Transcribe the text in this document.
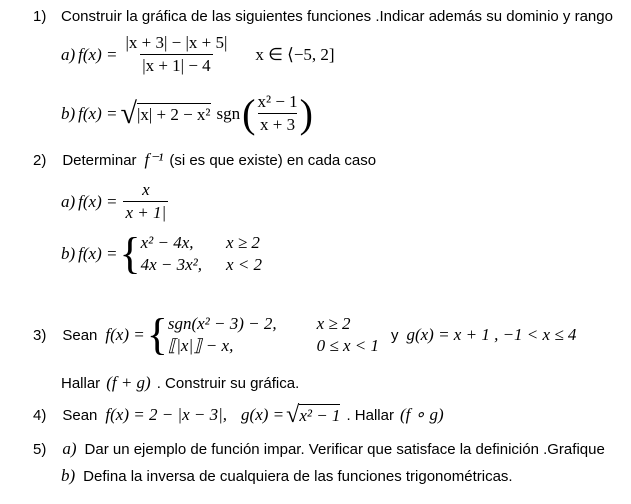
1) Construir la gráfica de las siguientes funciones .Indicar además su dominio y rango
a) $f(x) = \frac{|x + 3| - |x + 5|}{|x + 1| - 4}$ x ∈ ⟨−5, 2]
b) f(x) = √ |x| + 2 − x² sgn ( $\frac{\text{x² − 1}}{x + 3}$ )
2) Determinar f⁻¹ (si es que existe) en cada caso
a) $f(x) = \frac{x}{x + 1|}$
b) f(x) = { x² − 4x,	x ≥ 2
4x − 3x², x < 2
3) Sean f(x) = { sgn(x² − 3) − 2, x ≥ 2
⟦|x|⟧ − x,	0 ≤ x < 1
y g(x) = x + 1 , −1 < x ≤ 4
Hallar (f + g) . Construir su gráfica.
4) Sean f(x) = 2 − |x − 3|, g(x) = √ x² − 1 . Hallar (f ∘ g)
5) a) Dar un ejemplo de función impar. Verificar que satisface la definición .Grafique
b) Defina la inversa de cualquiera de las funciones trigonométricas.
